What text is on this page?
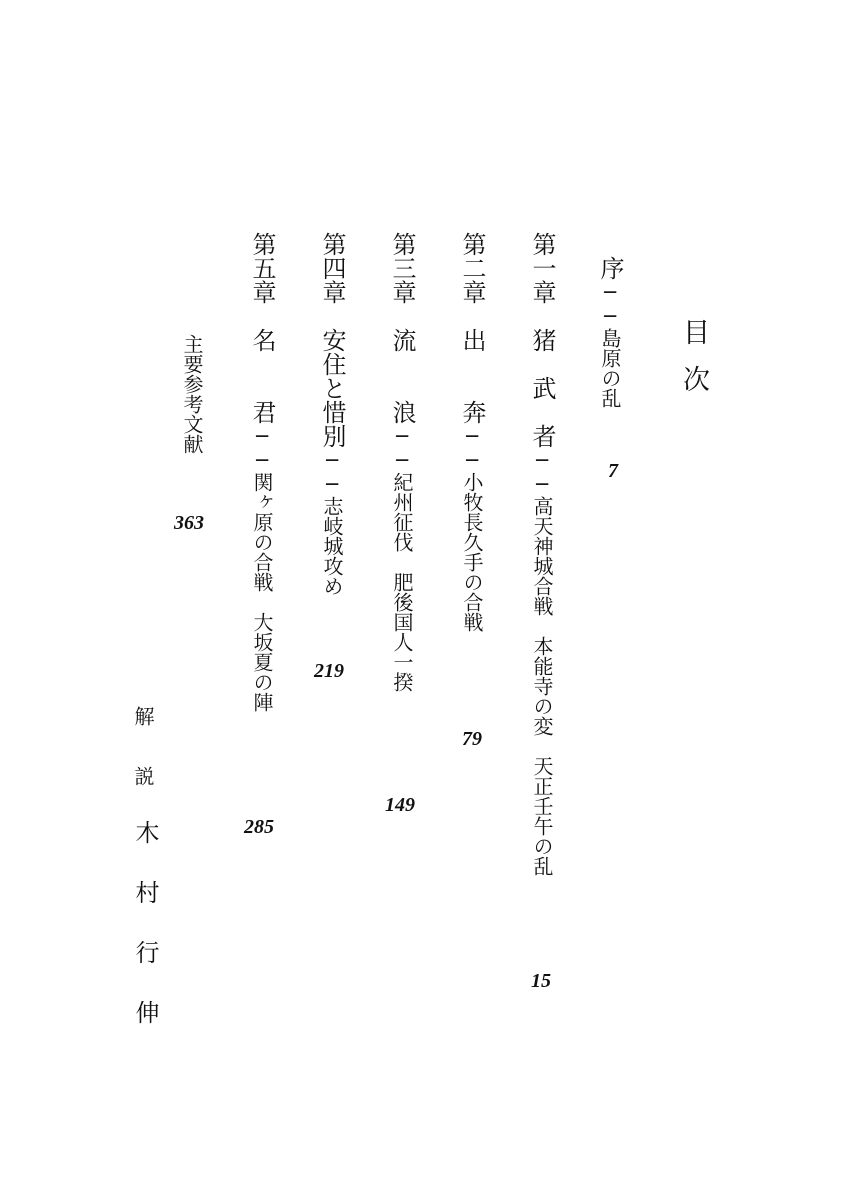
目次
序──島原の乱
7
第一章　猪　武　者──高天神城合戦　本能寺の変　天正壬午の乱
15
第二章　出　　奔──小牧長久手の合戦
79
第三章　流　　浪──紀州征伐　肥後国人一揆
149
第四章　安住と惜別──志岐城攻め
219
第五章　名　　君──関ヶ原の合戦　大坂夏の陣
285
主要参考文献
363
解　説
木　村　行　伸
